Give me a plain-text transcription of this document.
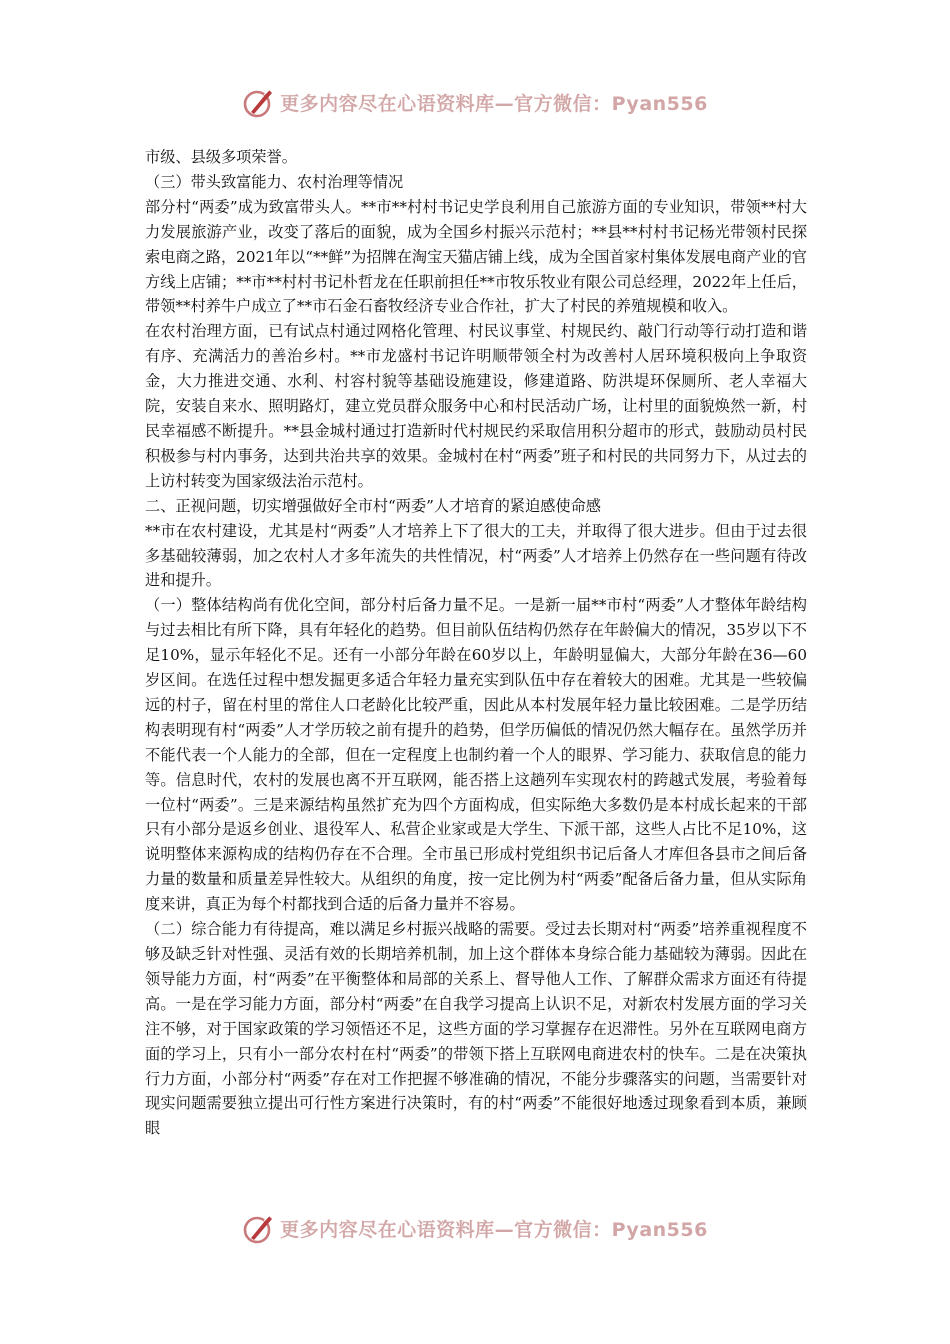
更多内容尽在心语资料库—官方微信：Pyan556

市级、县级多项荣誉。

（三）带头致富能力、农村治理等情况

部分村“两委”成为致富带头人。**市**村村书记史学良利用自己旅游方面的专业知识，带领**村大力发展旅游产业，改变了落后的面貌，成为全国乡村振兴示范村；**县**村村书记杨光带领村民探索电商之路，2021年以“**鲜”为招牌在淘宝天猫店铺上线，成为全国首家村集体发展电商产业的官方线上店铺；**市**村村书记朴哲龙在任职前担任**市牧乐牧业有限公司总经理，2022年上任后，带领**村养牛户成立了**市石金石畜牧经济专业合作社，扩大了村民的养殖规模和收入。

在农村治理方面，已有试点村通过网格化管理、村民议事堂、村规民约、敲门行动等行动打造和谐有序、充满活力的善治乡村。**市龙盛村书记许明顺带领全村为改善村人居环境积极向上争取资金，大力推进交通、水利、村容村貌等基础设施建设，修建道路、防洪堤环保厕所、老人幸福大院，安装自来水、照明路灯，建立党员群众服务中心和村民活动广场，让村里的面貌焕然一新，村民幸福感不断提升。**县金城村通过打造新时代村规民约采取信用积分超市的形式，鼓励动员村民积极参与村内事务，达到共治共享的效果。金城村在村“两委”班子和村民的共同努力下，从过去的上访村转变为国家级法治示范村。

二、正视问题，切实增强做好全市村“两委”人才培育的紧迫感使命感

**市在农村建设，尤其是村“两委”人才培养上下了很大的工夫，并取得了很大进步。但由于过去很多基础较薄弱，加之农村人才多年流失的共性情况，村“两委”人才培养上仍然存在一些问题有待改进和提升。

（一）整体结构尚有优化空间，部分村后备力量不足。一是新一届**市村“两委”人才整体年龄结构与过去相比有所下降，具有年轻化的趋势。但目前队伍结构仍然存在年龄偏大的情况，35岁以下不足10%，显示年轻化不足。还有一小部分年龄在60岁以上，年龄明显偏大，大部分年龄在36—60岁区间。在选任过程中想发掘更多适合年轻力量充实到队伍中存在着较大的困难。尤其是一些较偏远的村子，留在村里的常住人口老龄化比较严重，因此从本村发展年轻力量比较困难。二是学历结构表明现有村“两委”人才学历较之前有提升的趋势，但学历偏低的情况仍然大幅存在。虽然学历并不能代表一个人能力的全部，但在一定程度上也制约着一个人的眼界、学习能力、获取信息的能力等。信息时代，农村的发展也离不开互联网，能否搭上这趟列车实现农村的跨越式发展，考验着每一位村“两委”。三是来源结构虽然扩充为四个方面构成，但实际绝大多数仍是本村成长起来的干部只有小部分是返乡创业、退役军人、私营企业家或是大学生、下派干部，这些人占比不足10%，这说明整体来源构成的结构仍存在不合理。全市虽已形成村党组织书记后备人才库但各县市之间后备力量的数量和质量差异性较大。从组织的角度，按一定比例为村“两委”配备后备力量，但从实际角度来讲，真正为每个村都找到合适的后备力量并不容易。

（二）综合能力有待提高，难以满足乡村振兴战略的需要。受过去长期对村“两委”培养重视程度不够及缺乏针对性强、灵活有效的长期培养机制，加上这个群体本身综合能力基础较为薄弱。因此在领导能力方面，村“两委”在平衡整体和局部的关系上、督导他人工作、了解群众需求方面还有待提高。一是在学习能力方面，部分村“两委”在自我学习提高上认识不足，对新农村发展方面的学习关注不够，对于国家政策的学习领悟还不足，这些方面的学习掌握存在迟滞性。另外在互联网电商方面的学习上，只有小一部分农村在村“两委”的带领下搭上互联网电商进农村的快车。二是在决策执行力方面，小部分村“两委”存在对工作把握不够准确的情况，不能分步骤落实的问题，当需要针对现实问题需要独立提出可行性方案进行决策时，有的村“两委”不能很好地透过现象看到本质，兼顾眼

更多内容尽在心语资料库—官方微信：Pyan556
